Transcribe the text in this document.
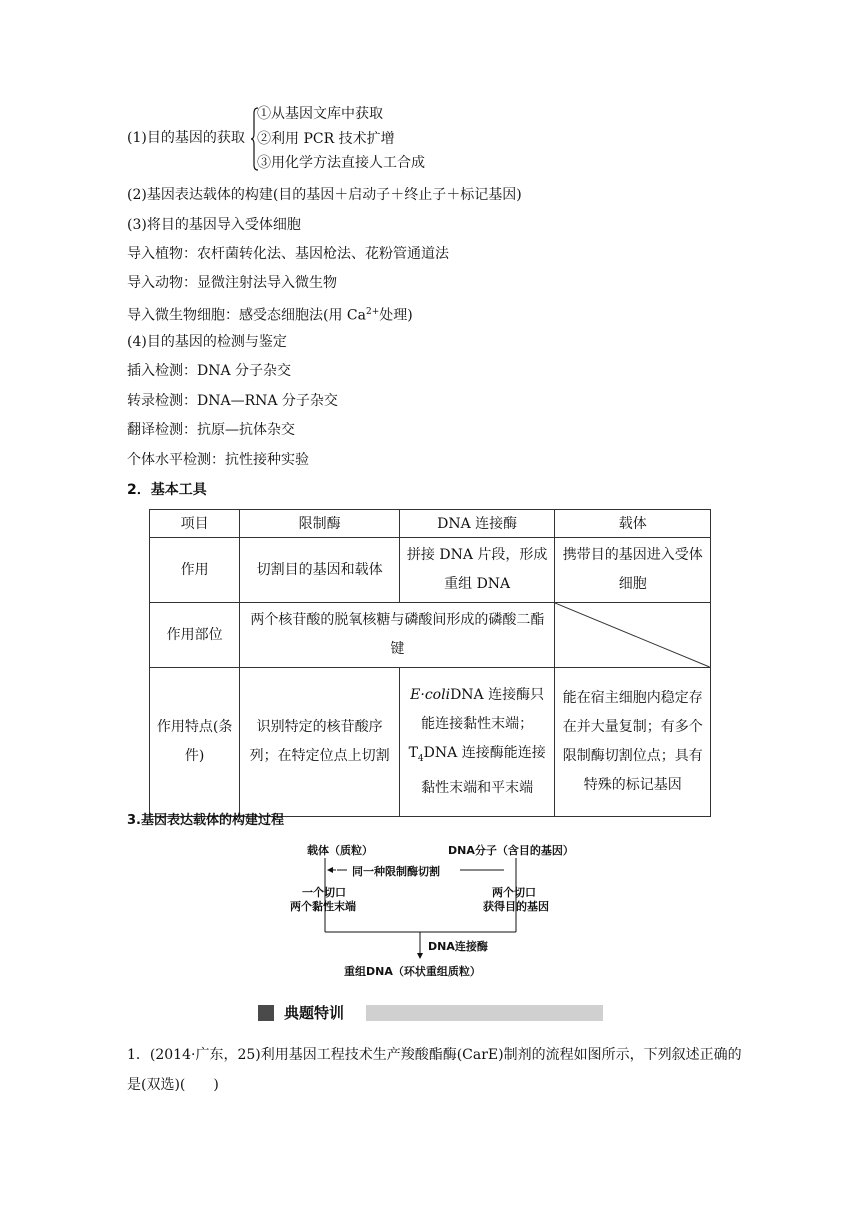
(1)目的基因的获取
①从基因文库中获取
②利用 PCR 技术扩增
③用化学方法直接人工合成
(2)基因表达载体的构建(目的基因＋启动子＋终止子＋标记基因)
(3)将目的基因导入受体细胞
导入植物：农杆菌转化法、基因枪法、花粉管通道法
导入动物：显微注射法导入微生物
导入微生物细胞：感受态细胞法(用 $Ca^{2+}$处理)
(4)目的基因的检测与鉴定
插入检测：DNA 分子杂交
转录检测：DNA—RNA 分子杂交
翻译检测：抗原—抗体杂交
个体水平检测：抗性接种实验
2．基本工具
项目	限制酶	DNA 连接酶	载体
作用	切割目的基因和载体	拼接 DNA 片段，形成重组 DNA	携带目的基因进入受体细胞
作用部位	两个核苷酸的脱氧核糖与磷酸间形成的磷酸二酯键	

作用特点(条件)	识别特定的核苷酸序列；在特定位点上切割	E·coliDNA 连接酶只能连接黏性末端；$T_4DNA$ 连接酶能连接黏性末端和平末端	能在宿主细胞内稳定存在并大量复制；有多个限制酶切割位点；具有特殊的标记基因
3.基因表达载体的构建过程
载体（质粒）	DNA分子（含目的基因）
同一种限制酶切割
一个切口
两个黏性末端
两个切口
获得目的基因
DNA连接酶
重组DNA（环状重组质粒）
典题特训
1．(2014·广东，25)利用基因工程技术生产羧酸酯酶(CarE)制剂的流程如图所示，下列叙述正确的是(双选)(　　)
